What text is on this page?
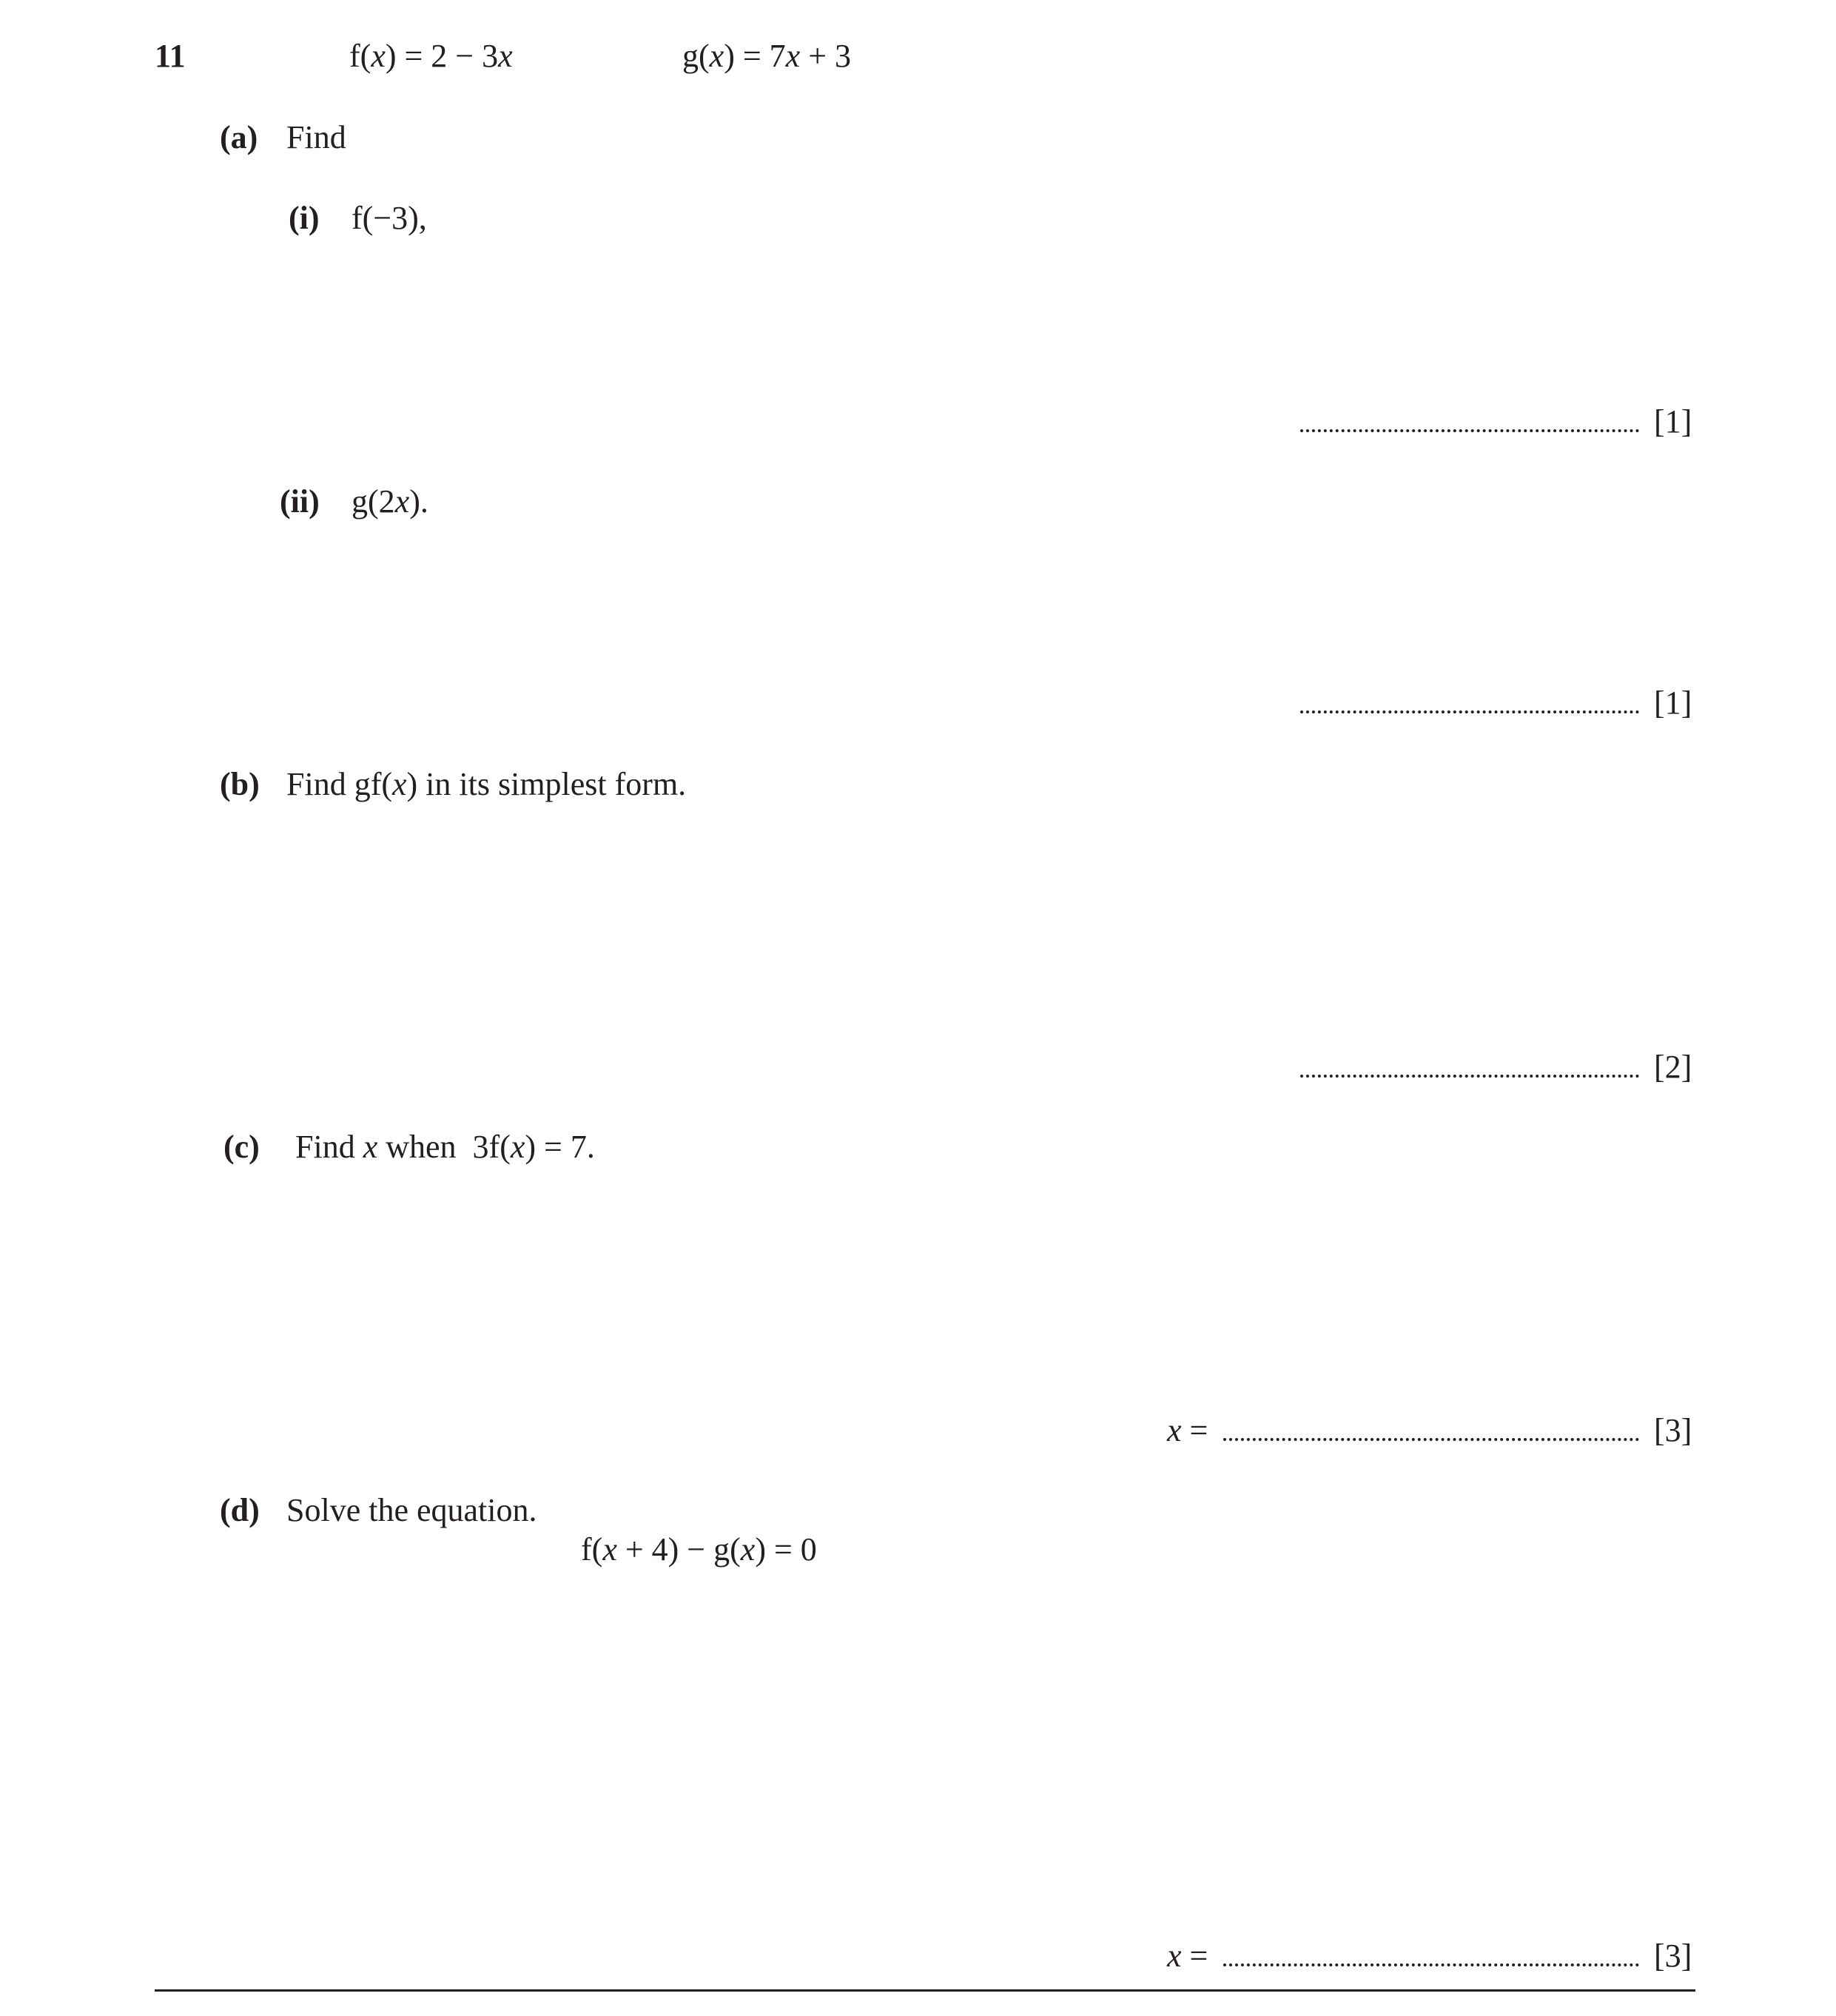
11	f(x) = 2 − 3x	g(x) = 7x + 3
(a) Find
(i) f(−3),
[1]
(ii) g(2x).
[1]
(b) Find gf(x) in its simplest form.
[2]
(c) Find x when  3f(x) = 7.
x =	[3]
(d) Solve the equation.
f(x + 4) − g(x) = 0
x =	[3]
